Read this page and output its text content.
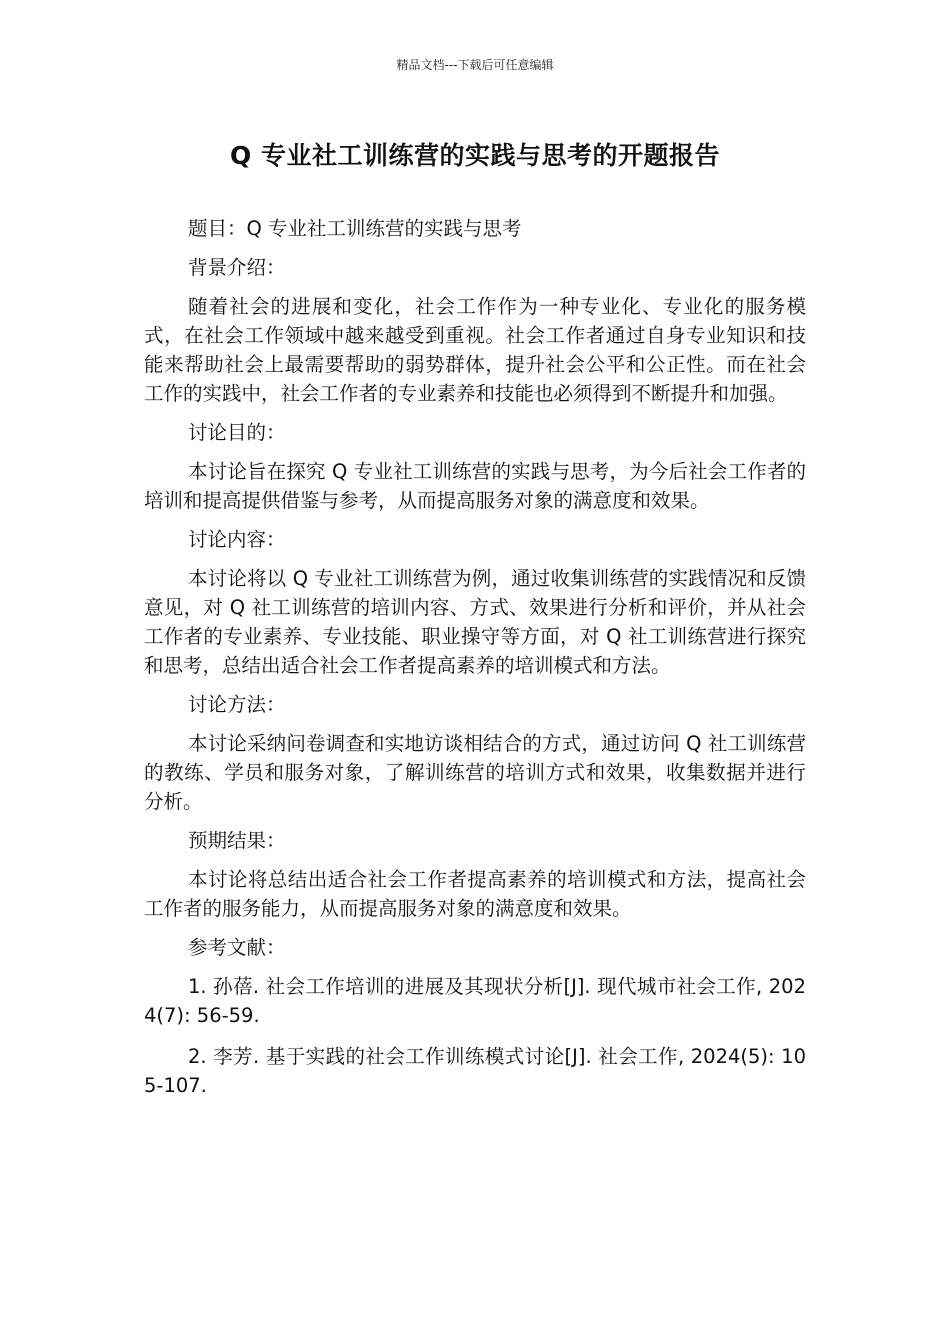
精品文档---下载后可任意编辑
Q 专业社工训练营的实践与思考的开题报告

题目：Q 专业社工训练营的实践与思考

背景介绍：

随着社会的进展和变化，社会工作作为一种专业化、专业化的服务模式，在社会工作领域中越来越受到重视。社会工作者通过自身专业知识和技能来帮助社会上最需要帮助的弱势群体，提升社会公平和公正性。而在社会工作的实践中，社会工作者的专业素养和技能也必须得到不断提升和加强。

讨论目的：

本讨论旨在探究 Q 专业社工训练营的实践与思考，为今后社会工作者的培训和提高提供借鉴与参考，从而提高服务对象的满意度和效果。

讨论内容：

本讨论将以 Q 专业社工训练营为例，通过收集训练营的实践情况和反馈意见，对 Q 社工训练营的培训内容、方式、效果进行分析和评价，并从社会工作者的专业素养、专业技能、职业操守等方面，对 Q 社工训练营进行探究和思考，总结出适合社会工作者提高素养的培训模式和方法。

讨论方法：

本讨论采纳问卷调查和实地访谈相结合的方式，通过访问 Q 社工训练营的教练、学员和服务对象，了解训练营的培训方式和效果，收集数据并进行分析。

预期结果：

本讨论将总结出适合社会工作者提高素养的培训模式和方法，提高社会工作者的服务能力，从而提高服务对象的满意度和效果。

参考文献：

1. 孙蓓. 社会工作培训的进展及其现状分析[J]. 现代城市社会工作, 2024(7): 56-59.

2. 李芳. 基于实践的社会工作训练模式讨论[J]. 社会工作, 2024(5): 105-107.
